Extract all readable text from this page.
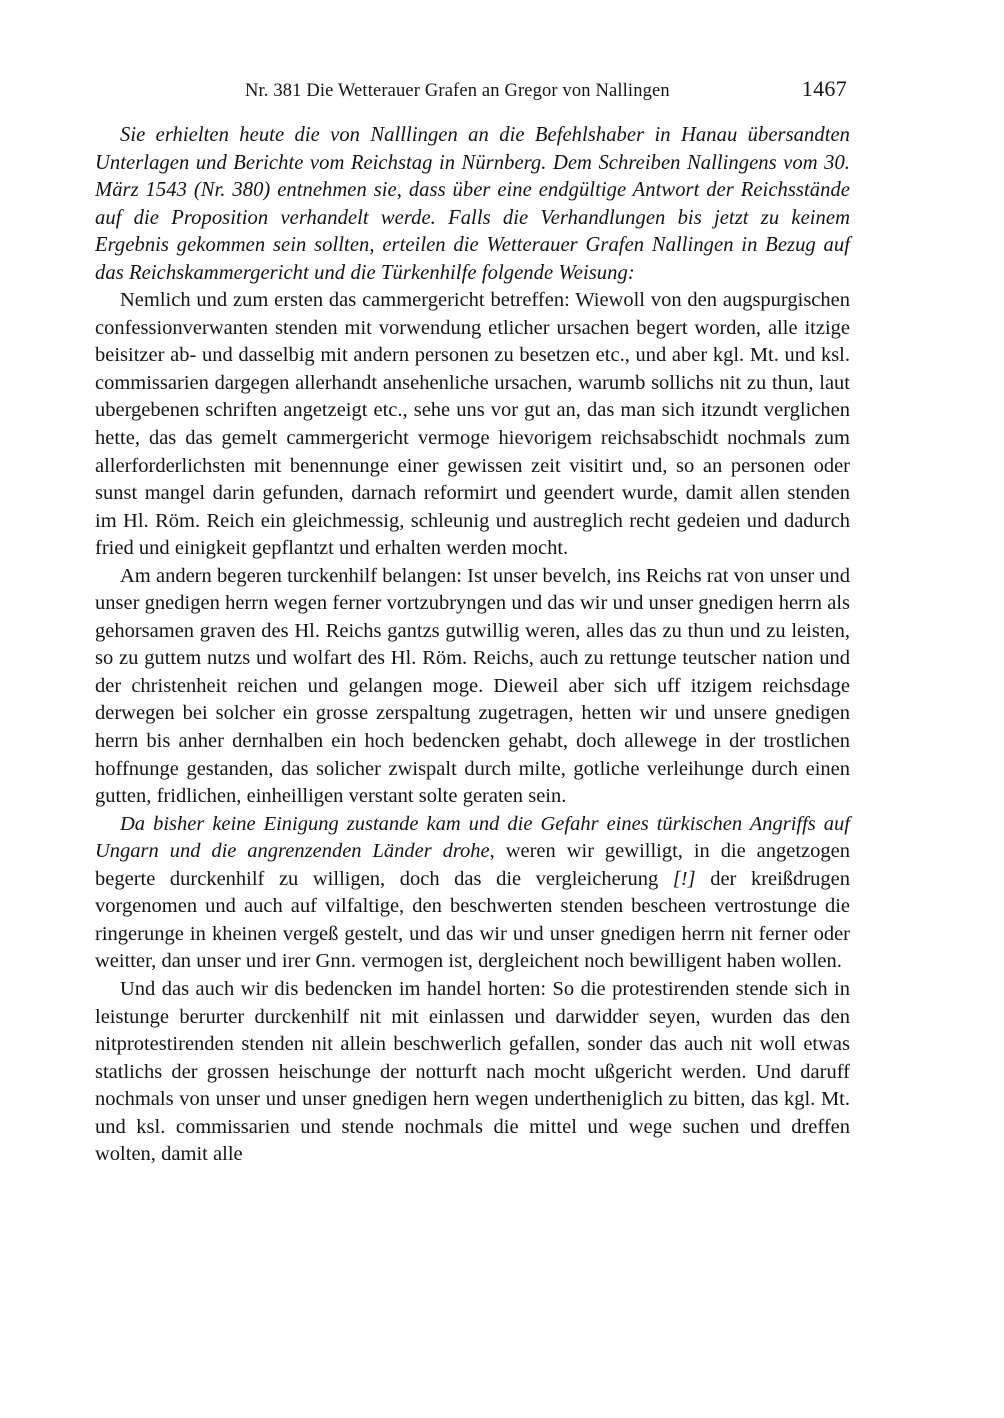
Nr. 381 Die Wetterauer Grafen an Gregor von Nallingen	1467

Sie erhielten heute die von Nalllingen an die Befehlshaber in Hanau übersandten Unterlagen und Berichte vom Reichstag in Nürnberg. Dem Schreiben Nallingens vom 30. März 1543 (Nr. 380) entnehmen sie, dass über eine endgültige Antwort der Reichsstände auf die Proposition verhandelt werde. Falls die Verhandlungen bis jetzt zu keinem Ergebnis gekommen sein sollten, erteilen die Wetterauer Grafen Nallingen in Bezug auf das Reichskammergericht und die Türkenhilfe folgende Weisung:

Nemlich und zum ersten das cammergericht betreffen: Wiewoll von den augspurgischen confessionverwanten stenden mit vorwendung etlicher ursachen begert worden, alle itzige beisitzer ab- und dasselbig mit andern personen zu besetzen etc., und aber kgl. Mt. und ksl. commissarien dargegen allerhandt ansehenliche ursachen, warumb sollichs nit zu thun, laut ubergebenen schriften angetzeigt etc., sehe uns vor gut an, das man sich itzundt verglichen hette, das das gemelt cammergericht vermoge hievorigem reichsabschidt nochmals zum allerforderlichsten mit benennunge einer gewissen zeit visitirt und, so an personen oder sunst mangel darin gefunden, darnach reformirt und geendert wurde, damit allen stenden im Hl. Röm. Reich ein gleichmessig, schleunig und austreglich recht gedeien und dadurch fried und einigkeit gepflantzt und erhalten werden mocht.

Am andern begeren turckenhilf belangen: Ist unser bevelch, ins Reichs rat von unser und unser gnedigen herrn wegen ferner vortzubryngen und das wir und unser gnedigen herrn als gehorsamen graven des Hl. Reichs gantzs gutwillig weren, alles das zu thun und zu leisten, so zu guttem nutzs und wolfart des Hl. Röm. Reichs, auch zu rettunge teutscher nation und der christenheit reichen und gelangen moge. Dieweil aber sich uff itzigem reichsdage derwegen bei solcher ein grosse zerspaltung zugetragen, hetten wir und unsere gnedigen herrn bis anher dernhalben ein hoch bedencken gehabt, doch allewege in der trostlichen hoffnunge gestanden, das solicher zwispalt durch milte, gotliche verleihunge durch einen gutten, fridlichen, einheilligen verstant solte geraten sein.

Da bisher keine Einigung zustande kam und die Gefahr eines türkischen Angriffs auf Ungarn und die angrenzenden Länder drohe, weren wir gewilligt, in die angetzogen begerte durckenhilf zu willigen, doch das die vergleicherung [!] der kreißdrugen vorgenomen und auch auf vilfaltige, den beschwerten stenden bescheen vertrostunge die ringerunge in kheinen vergeß gestelt, und das wir und unser gnedigen herrn nit ferner oder weitter, dan unser und irer Gnn. vermogen ist, dergleichent noch bewilligent haben wollen.

Und das auch wir dis bedencken im handel horten: So die protestirenden stende sich in leistunge berurter durckenhilf nit mit einlassen und darwidder seyen, wurden das den nitprotestirenden stenden nit allein beschwerlich gefallen, sonder das auch nit woll etwas statlichs der grossen heischunge der notturft nach mocht ußgericht werden. Und daruff nochmals von unser und unser gnedigen hern wegen undertheniglich zu bitten, das kgl. Mt. und ksl. commissarien und stende nochmals die mittel und wege suchen und dreffen wolten, damit alle
